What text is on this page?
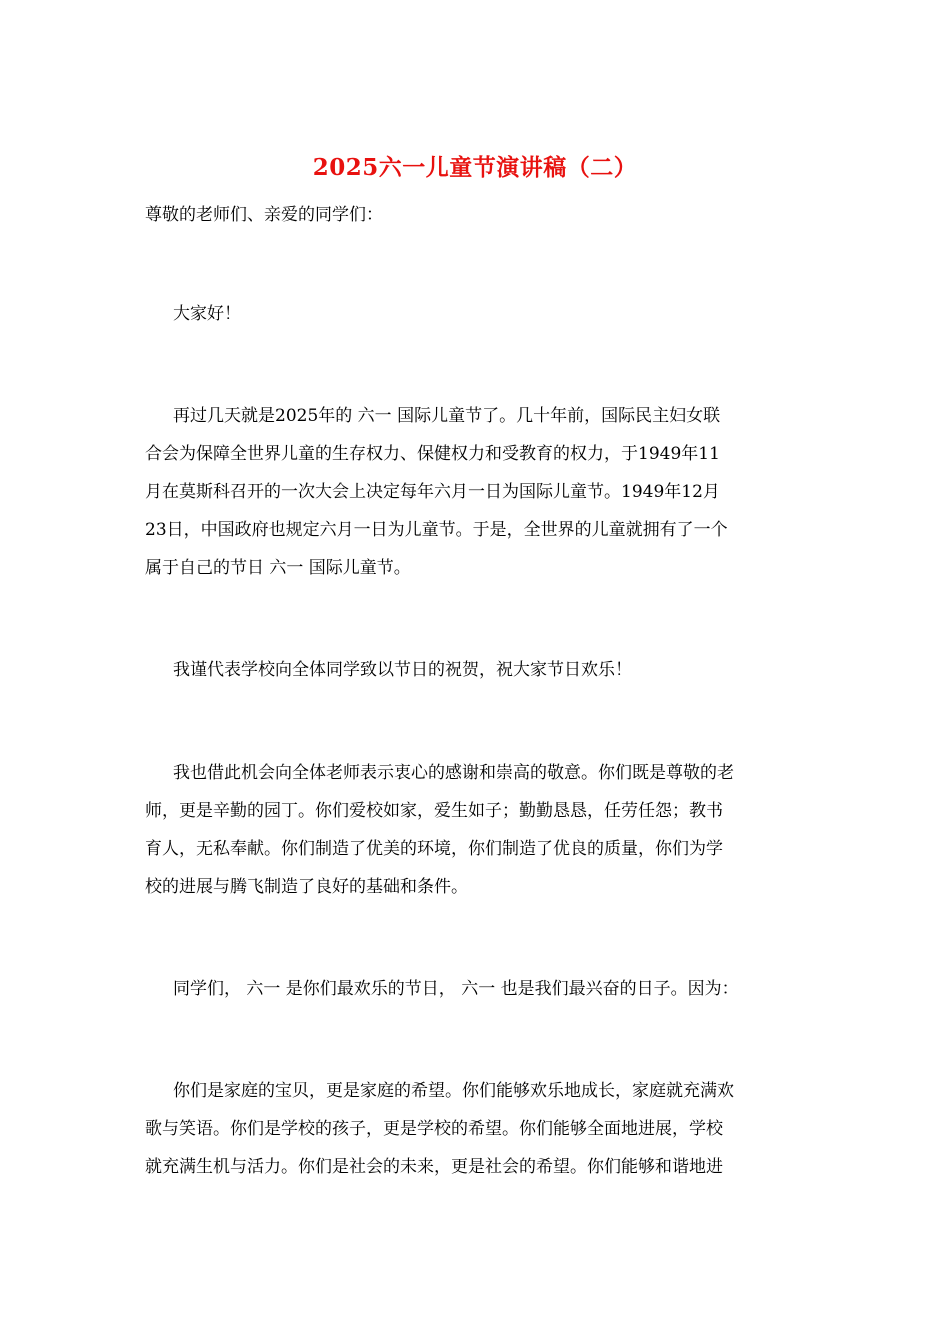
2025六一儿童节演讲稿（二）

尊敬的老师们、亲爱的同学们：

大家好！

再过几天就是2025年的 六一 国际儿童节了。几十年前，国际民主妇女联
合会为保障全世界儿童的生存权力、保健权力和受教育的权力，于1949年11
月在莫斯科召开的一次大会上决定每年六月一日为国际儿童节。1949年12月
23日，中国政府也规定六月一日为儿童节。于是，全世界的儿童就拥有了一个
属于自己的节日 六一 国际儿童节。

我谨代表学校向全体同学致以节日的祝贺，祝大家节日欢乐！

我也借此机会向全体老师表示衷心的感谢和崇高的敬意。你们既是尊敬的老
师，更是辛勤的园丁。你们爱校如家，爱生如子；勤勤恳恳，任劳任怨；教书
育人，无私奉献。你们制造了优美的环境，你们制造了优良的质量，你们为学
校的进展与腾飞制造了良好的基础和条件。

同学们， 六一 是你们最欢乐的节日， 六一 也是我们最兴奋的日子。因为：

你们是家庭的宝贝，更是家庭的希望。你们能够欢乐地成长，家庭就充满欢
歌与笑语。你们是学校的孩子，更是学校的希望。你们能够全面地进展，学校
就充满生机与活力。你们是社会的未来，更是社会的希望。你们能够和谐地进
